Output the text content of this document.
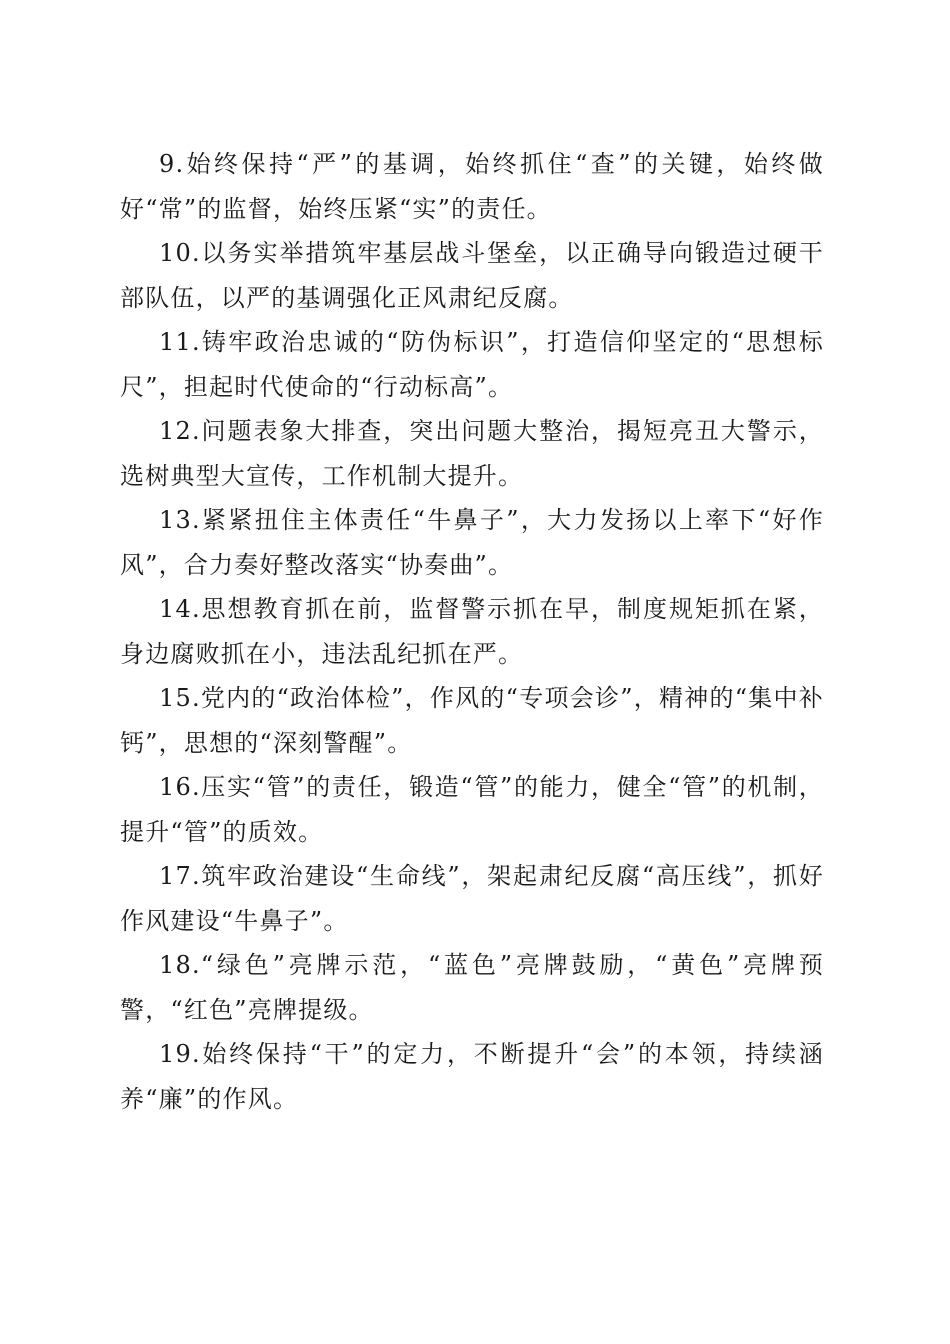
9.始终保持“严”的基调，始终抓住“查”的关键，始终做好“常”的监督，始终压紧“实”的责任。

10.以务实举措筑牢基层战斗堡垒，以正确导向锻造过硬干部队伍，以严的基调强化正风肃纪反腐。

11.铸牢政治忠诚的“防伪标识”，打造信仰坚定的“思想标尺”，担起时代使命的“行动标高”。

12.问题表象大排查，突出问题大整治，揭短亮丑大警示，选树典型大宣传，工作机制大提升。

13.紧紧扭住主体责任“牛鼻子”，大力发扬以上率下“好作风”，合力奏好整改落实“协奏曲”。

14.思想教育抓在前，监督警示抓在早，制度规矩抓在紧，身边腐败抓在小，违法乱纪抓在严。

15.党内的“政治体检”，作风的“专项会诊”，精神的“集中补钙”，思想的“深刻警醒”。

16.压实“管”的责任，锻造“管”的能力，健全“管”的机制，提升“管”的质效。

17.筑牢政治建设“生命线”，架起肃纪反腐“高压线”，抓好作风建设“牛鼻子”。

18.“绿色”亮牌示范，“蓝色”亮牌鼓励，“黄色”亮牌预警，“红色”亮牌提级。

19.始终保持“干”的定力，不断提升“会”的本领，持续涵养“廉”的作风。
